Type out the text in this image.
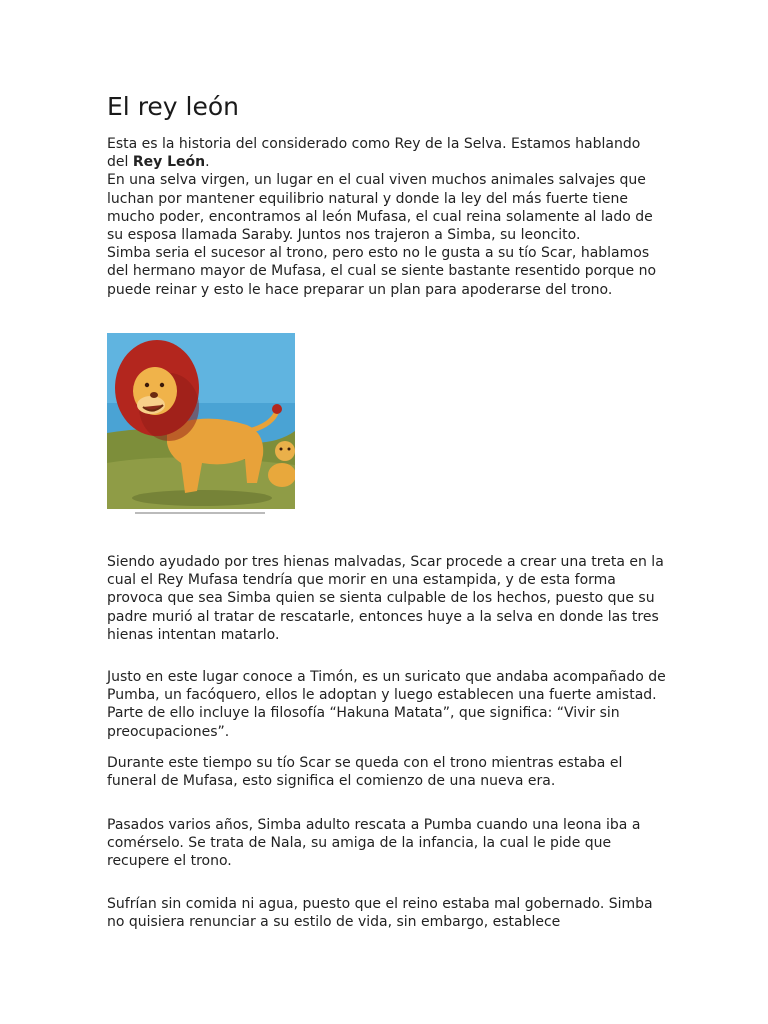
El rey león

Esta es la historia del considerado como Rey de la Selva. Estamos hablando

del Rey León.

En una selva virgen, un lugar en el cual viven muchos animales salvajes que luchan por mantener equilibrio natural y donde la ley del más fuerte tiene mucho poder, encontramos al león Mufasa, el cual reina solamente al lado de su esposa llamada Saraby. Juntos nos trajeron a Simba, su leoncito.

Simba seria el sucesor al trono, pero esto no le gusta a su tío Scar, hablamos del hermano mayor de Mufasa, el cual se siente bastante resentido porque no puede reinar y esto le hace preparar un plan para apoderarse del trono.

Siendo ayudado por tres hienas malvadas, Scar procede a crear una treta en la cual el Rey Mufasa tendría que morir en una estampida, y de esta forma provoca que sea Simba quien se sienta culpable de los hechos, puesto que su padre murió al tratar de rescatarle, entonces huye a la selva en donde las tres hienas intentan matarlo.

Justo en este lugar conoce a Timón, es un suricato que andaba acompañado de Pumba, un facóquero, ellos le adoptan y luego establecen una fuerte amistad. Parte de ello incluye la filosofía “Hakuna Matata”, que significa: “Vivir sin preocupaciones”.

Durante este tiempo su tío Scar se queda con el trono mientras estaba el funeral de Mufasa, esto significa el comienzo de una nueva era.

Pasados varios años, Simba adulto rescata a Pumba cuando una leona iba a comérselo. Se trata de Nala, su amiga de la infancia, la cual le pide que recupere el trono.

Sufrían sin comida ni agua, puesto que el reino estaba mal gobernado. Simba no quisiera renunciar a su estilo de vida, sin embargo, establece
